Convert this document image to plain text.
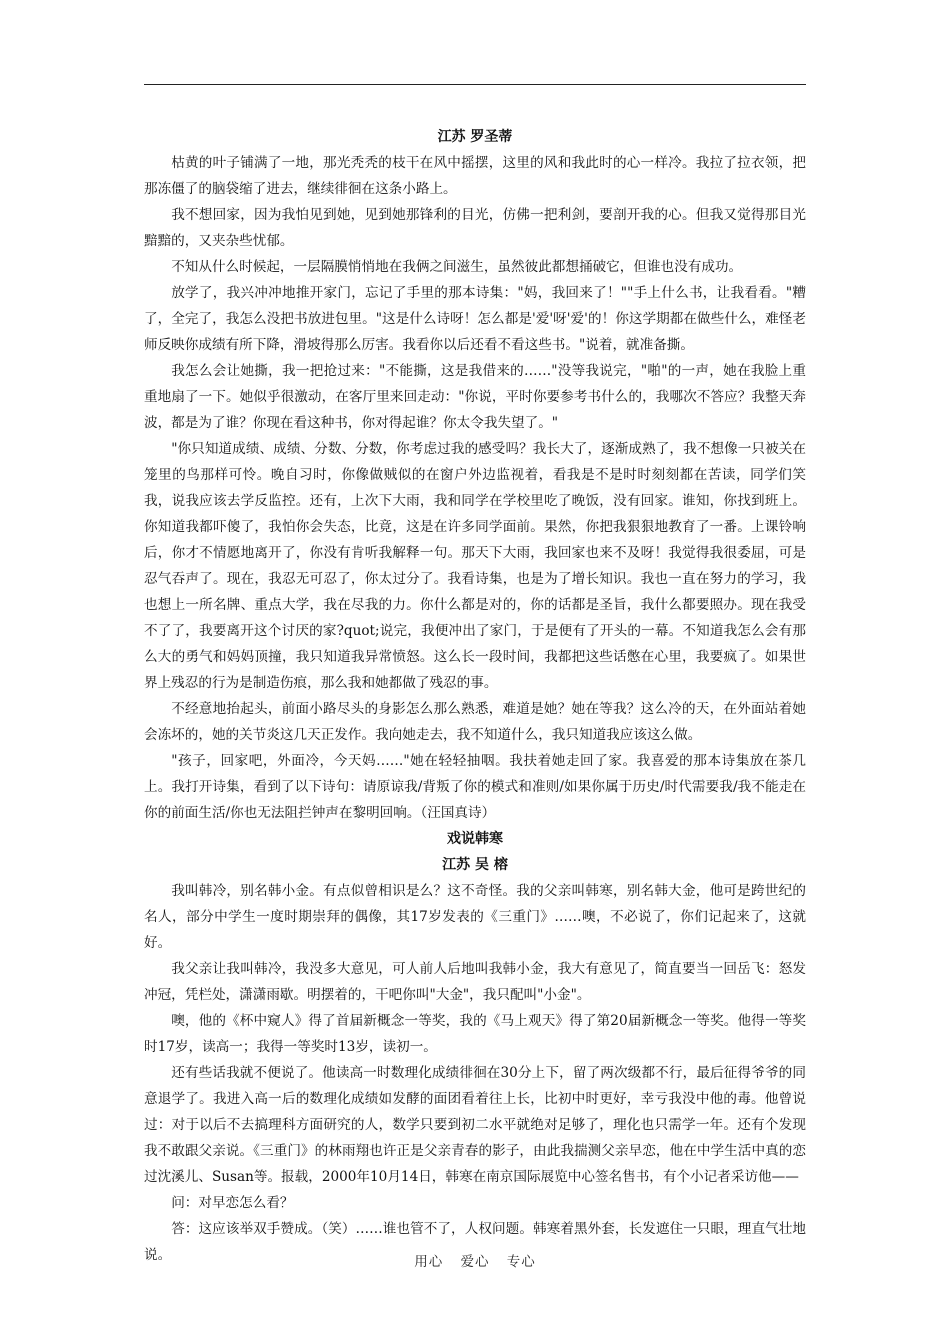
江苏 罗圣蒂

枯黄的叶子铺满了一地，那光秃秃的枝干在风中摇摆，这里的风和我此时的心一样冷。我拉了拉衣领，把那冻僵了的脑袋缩了进去，继续徘徊在这条小路上。

我不想回家，因为我怕见到她，见到她那锋利的目光，仿佛一把利剑，要剖开我的心。但我又觉得那目光黯黯的，又夹杂些忧郁。

不知从什么时候起，一层隔膜悄悄地在我俩之间滋生，虽然彼此都想捅破它，但谁也没有成功。

放学了，我兴冲冲地推开家门，忘记了手里的那本诗集："妈，我回来了！""手上什么书，让我看看。"糟了，全完了，我怎么没把书放进包里。"这是什么诗呀！怎么都是'爱'呀'爱'的！你这学期都在做些什么，难怪老师反映你成绩有所下降，滑坡得那么厉害。我看你以后还看不看这些书。"说着，就准备撕。

我怎么会让她撕，我一把抢过来："不能撕，这是我借来的……"没等我说完，"啪"的一声，她在我脸上重重地扇了一下。她似乎很激动，在客厅里来回走动："你说，平时你要参考书什么的，我哪次不答应？我整天奔波，都是为了谁？你现在看这种书，你对得起谁？你太令我失望了。"

"你只知道成绩、成绩、分数、分数，你考虑过我的感受吗？我长大了，逐渐成熟了，我不想像一只被关在笼里的鸟那样可怜。晚自习时，你像做贼似的在窗户外边监视着，看我是不是时时刻刻都在苦读，同学们笑我，说我应该去学反监控。还有，上次下大雨，我和同学在学校里吃了晚饭，没有回家。谁知，你找到班上。你知道我都吓傻了，我怕你会失态，比竟，这是在许多同学面前。果然，你把我狠狠地教育了一番。上课铃响后，你才不情愿地离开了，你没有肯听我解释一句。那天下大雨，我回家也来不及呀！我觉得我很委屈，可是忍气吞声了。现在，我忍无可忍了，你太过分了。我看诗集，也是为了增长知识。我也一直在努力的学习，我也想上一所名牌、重点大学，我在尽我的力。你什么都是对的，你的话都是圣旨，我什么都要照办。现在我受不了了，我要离开这个讨厌的家?quot;说完，我便冲出了家门，于是便有了开头的一幕。不知道我怎么会有那么大的勇气和妈妈顶撞，我只知道我异常愤怒。这么长一段时间，我都把这些话憋在心里，我要疯了。如果世界上残忍的行为是制造伤痕，那么我和她都做了残忍的事。

不经意地抬起头，前面小路尽头的身影怎么那么熟悉，难道是她？她在等我？这么冷的天，在外面站着她会冻坏的，她的关节炎这几天正发作。我向她走去，我不知道什么，我只知道我应该这么做。

"孩子，回家吧，外面冷，今天妈……"她在轻轻抽咽。我扶着她走回了家。我喜爱的那本诗集放在茶几上。我打开诗集，看到了以下诗句：请原谅我/背叛了你的模式和准则/如果你属于历史/时代需要我/我不能走在你的前面生活/你也无法阻拦钟声在黎明回响。（汪国真诗）

戏说韩寒

江苏 吴 榕

我叫韩冷，别名韩小金。有点似曾相识是么？这不奇怪。我的父亲叫韩寒，别名韩大金，他可是跨世纪的名人，部分中学生一度时期崇拜的偶像，其17岁发表的《三重门》……噢，不必说了，你们记起来了，这就好。

我父亲让我叫韩冷，我没多大意见，可人前人后地叫我韩小金，我大有意见了，简直要当一回岳飞：怒发冲冠，凭栏处，潇潇雨歇。明摆着的，干吧你叫"大金"，我只配叫"小金"。

噢，他的《杯中窥人》得了首届新概念一等奖，我的《马上观天》得了第20届新概念一等奖。他得一等奖时17岁，读高一；我得一等奖时13岁，读初一。

还有些话我就不便说了。他读高一时数理化成绩徘徊在30分上下，留了两次级都不行，最后征得爷爷的同意退学了。我进入高一后的数理化成绩如发酵的面团看着往上长，比初中时更好，幸亏我没中他的毒。他曾说过：对于以后不去搞理科方面研究的人，数学只要到初二水平就绝对足够了，理化也只需学一年。还有个发现我不敢跟父亲说。《三重门》的林雨翔也许正是父亲青春的影子，由此我揣测父亲早恋，他在中学生活中真的恋过沈溪儿、Susan等。报载，2000年10月14日，韩寒在南京国际展览中心签名售书，有个小记者采访他——

问：对早恋怎么看？

答：这应该举双手赞成。（笑）……谁也管不了，人权问题。韩寒着黑外套，长发遮住一只眼，理直气壮地说。	用心 爱心 专心
